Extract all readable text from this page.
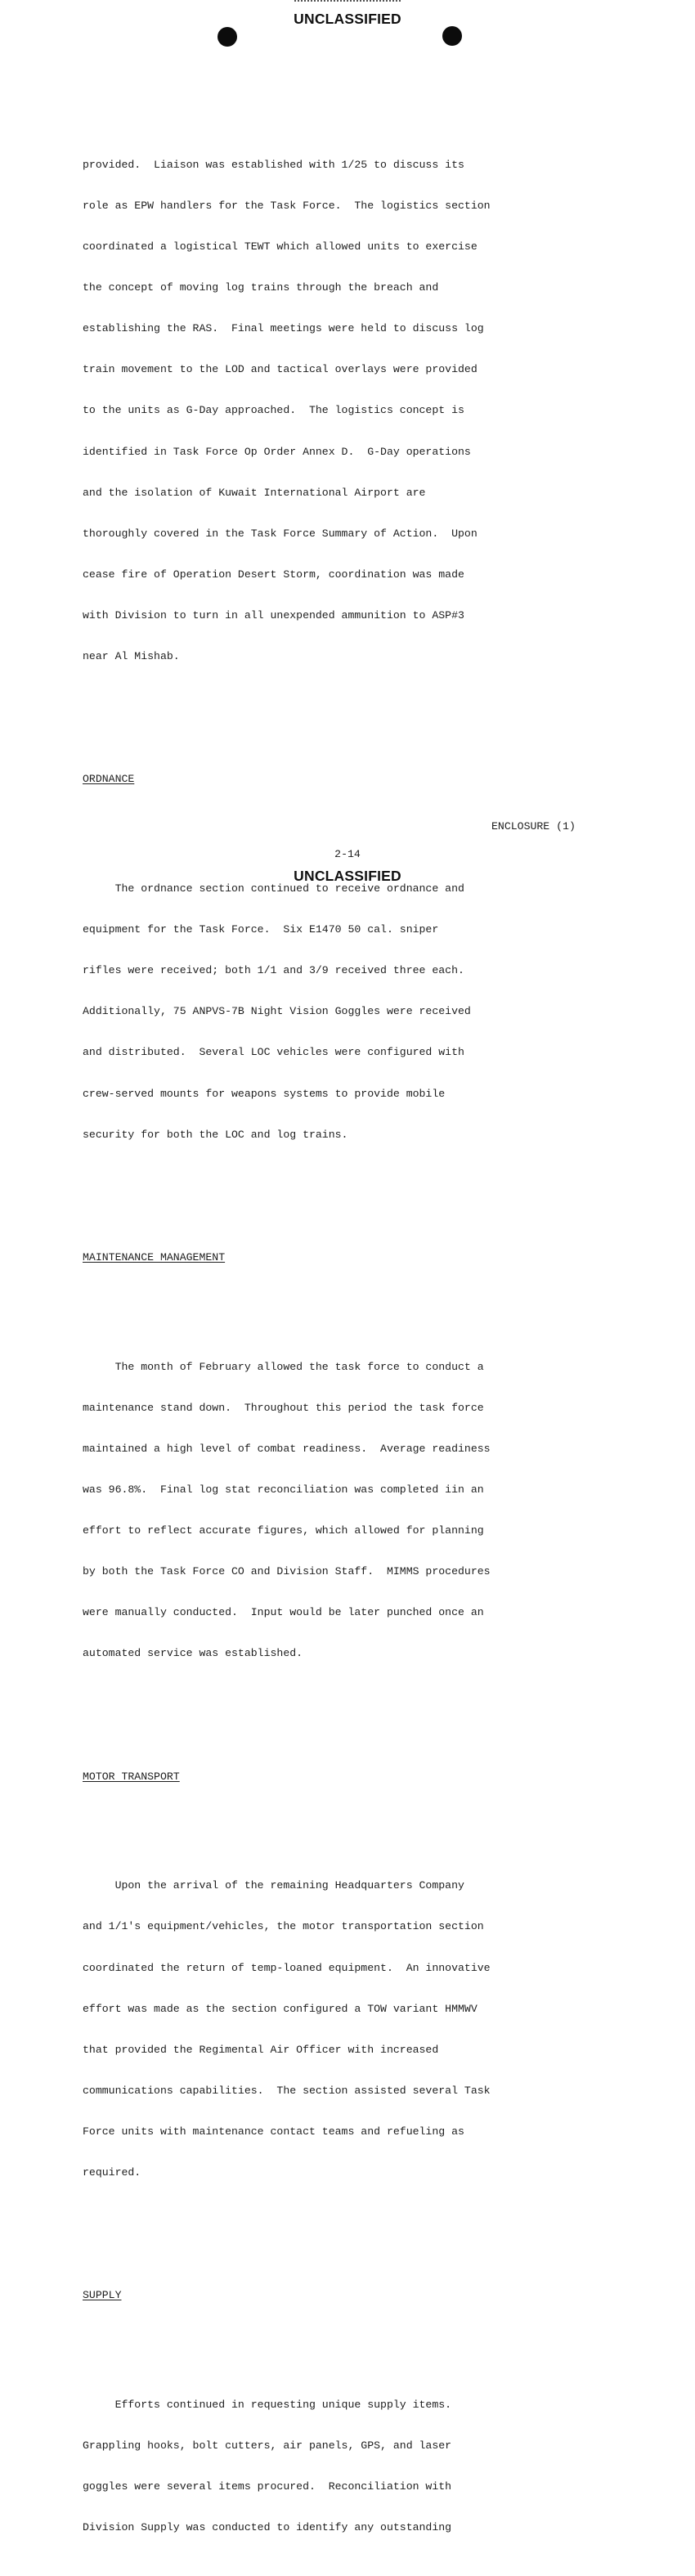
UNCLASSIFIED

provided.  Liaison was established with 1/25 to discuss its

role as EPW handlers for the Task Force.  The logistics section

coordinated a logistical TEWT which allowed units to exercise

the concept of moving log trains through the breach and

establishing the RAS.  Final meetings were held to discuss log

train movement to the LOD and tactical overlays were provided

to the units as G-Day approached.  The logistics concept is

identified in Task Force Op Order Annex D.  G-Day operations

and the isolation of Kuwait International Airport are

thoroughly covered in the Task Force Summary of Action.  Upon

cease fire of Operation Desert Storm, coordination was made

with Division to turn in all unexpended ammunition to ASP#3

near Al Mishab.

ORDNANCE

The ordnance section continued to receive ordnance and

equipment for the Task Force.  Six E1470 50 cal. sniper

rifles were received; both 1/1 and 3/9 received three each.

Additionally, 75 ANPVS-7B Night Vision Goggles were received

and distributed.  Several LOC vehicles were configured with

crew-served mounts for weapons systems to provide mobile

security for both the LOC and log trains.

MAINTENANCE MANAGEMENT

The month of February allowed the task force to conduct a

maintenance stand down.  Throughout this period the task force

maintained a high level of combat readiness.  Average readiness

was 96.8%.  Final log stat reconciliation was completed iin an

effort to reflect accurate figures, which allowed for planning

by both the Task Force CO and Division Staff.  MIMMS procedures

were manually conducted.  Input would be later punched once an

automated service was established.

MOTOR TRANSPORT

Upon the arrival of the remaining Headquarters Company

and 1/1's equipment/vehicles, the motor transportation section

coordinated the return of temp-loaned equipment.  An innovative

effort was made as the section configured a TOW variant HMMWV

that provided the Regimental Air Officer with increased

communications capabilities.  The section assisted several Task

Force units with maintenance contact teams and refueling as

required.

SUPPLY

Efforts continued in requesting unique supply items.

Grappling hooks, bolt cutters, air panels, GPS, and laser

goggles were several items procured.  Reconciliation with

Division Supply was conducted to identify any outstanding

ENCLOSURE (1)
2-14
UNCLASSIFIED
